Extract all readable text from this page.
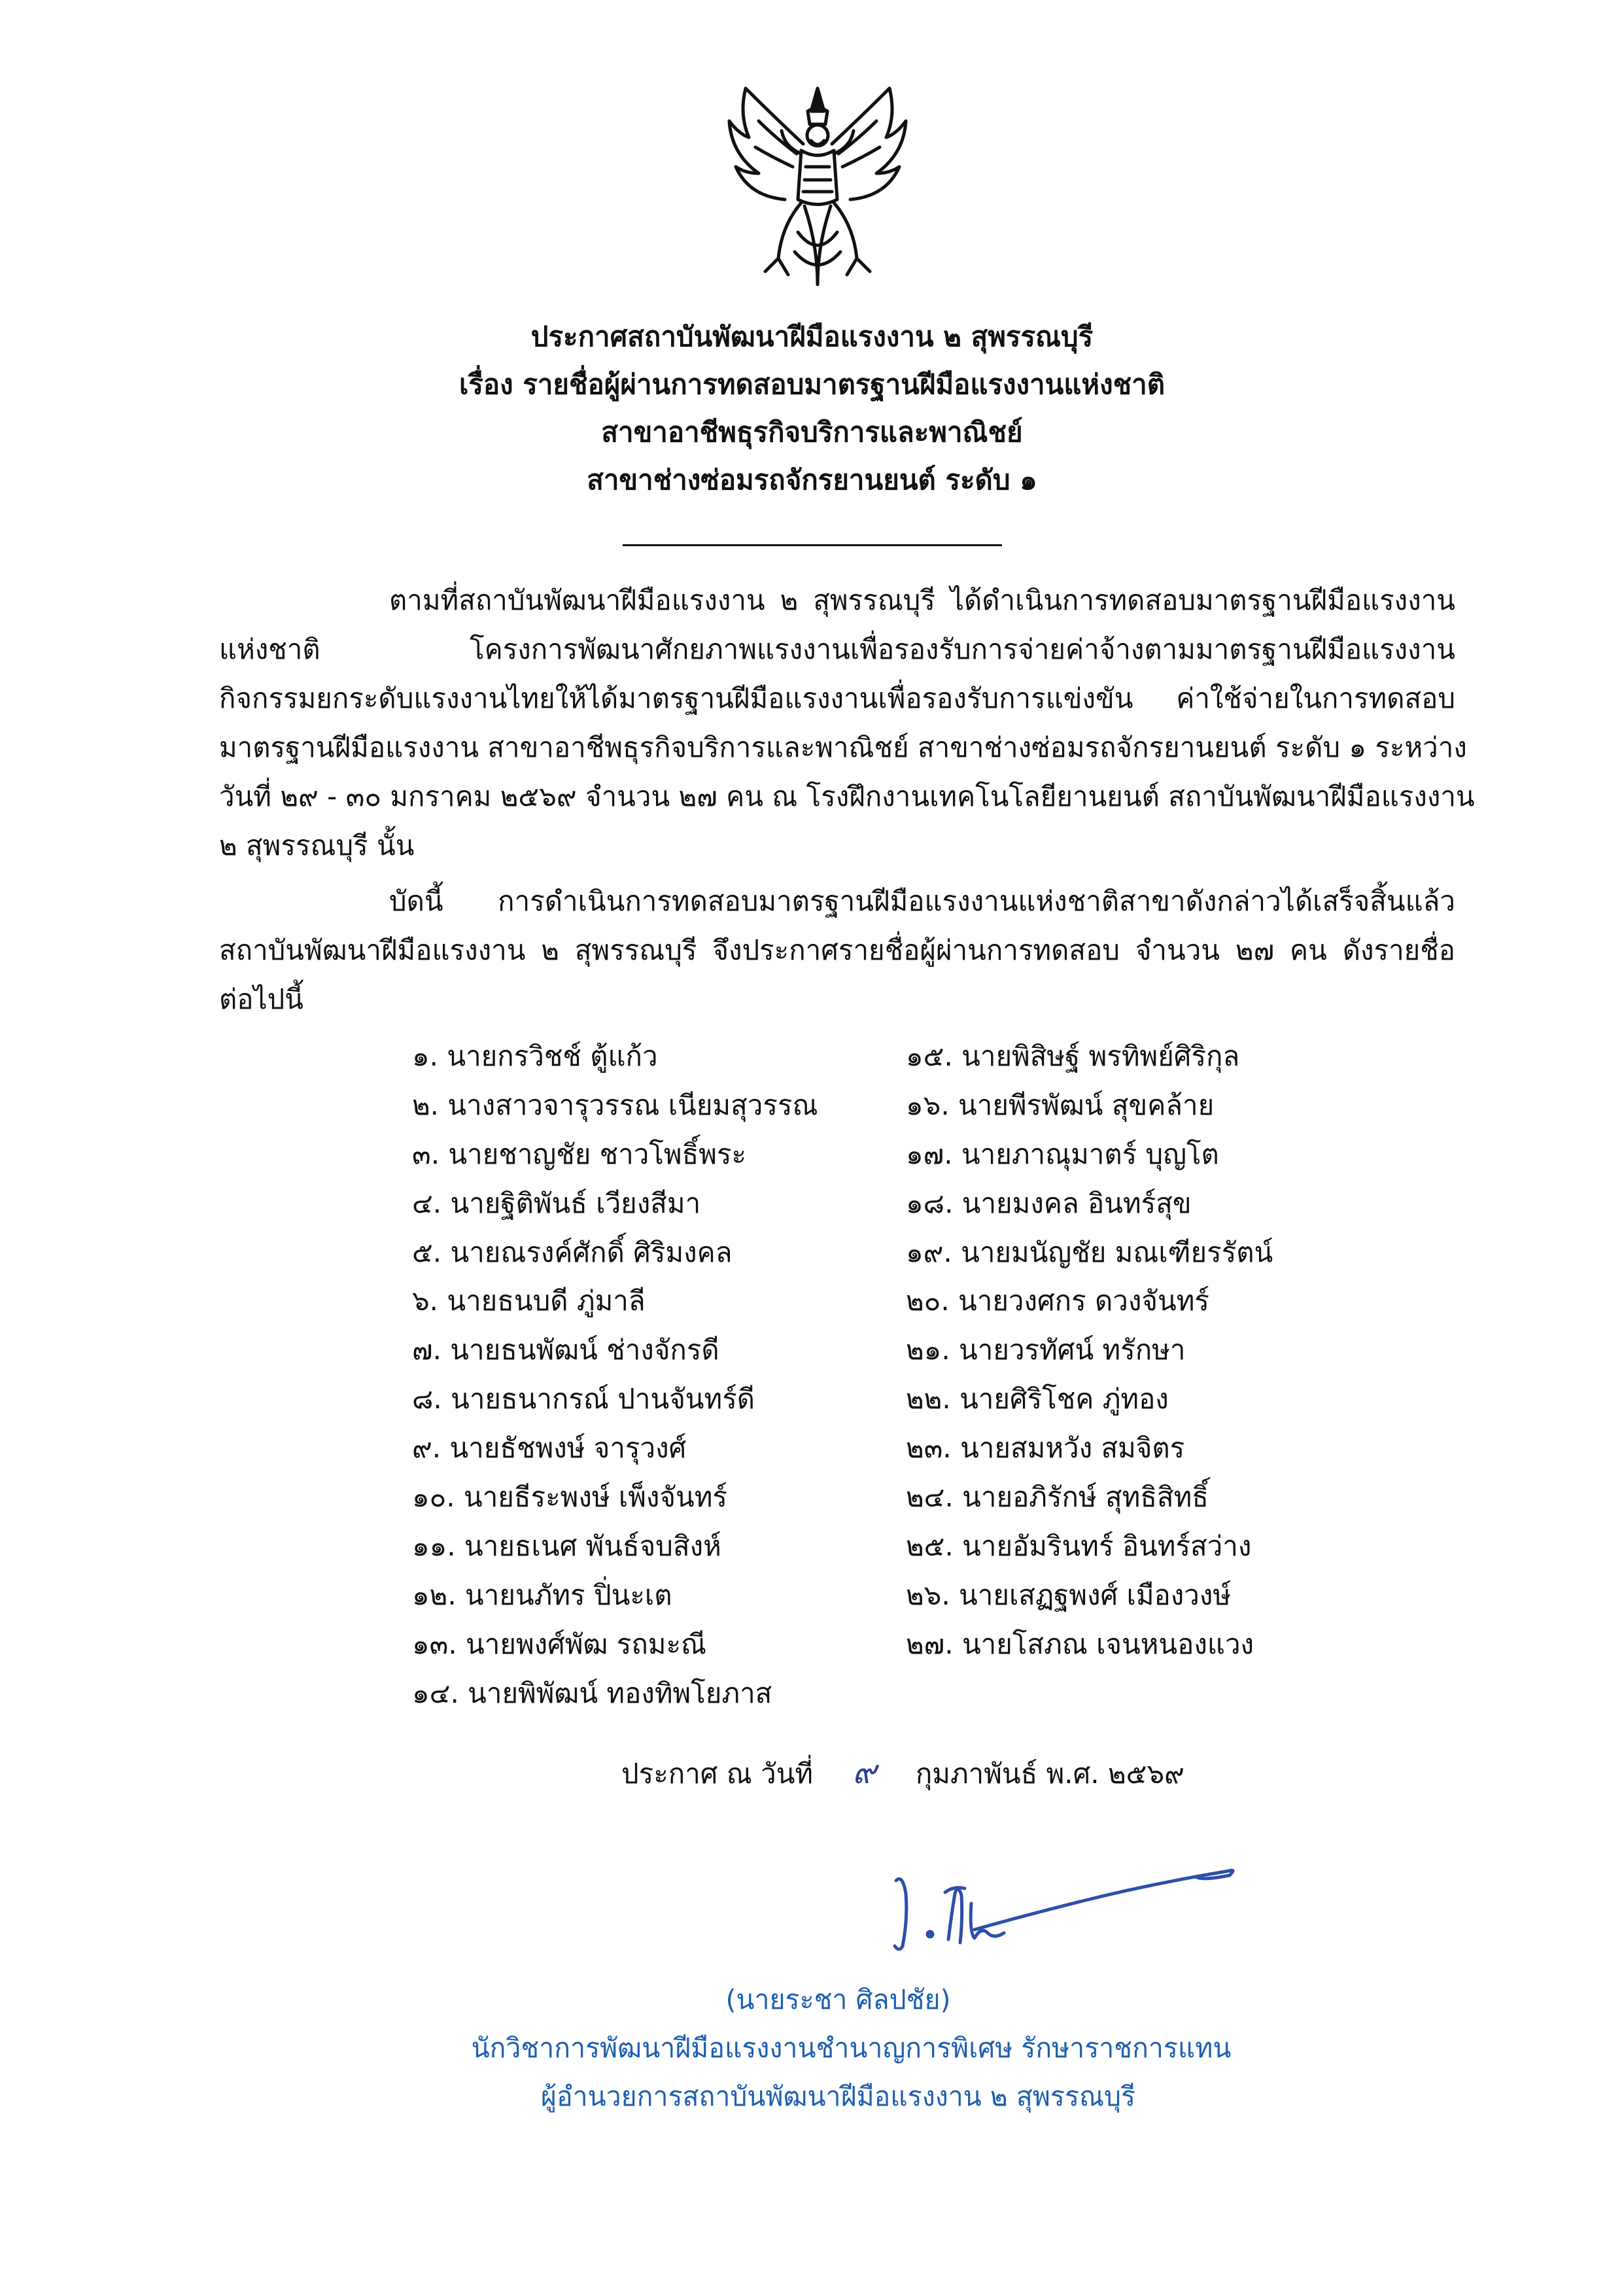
ประกาศสถาบันพัฒนาฝีมือแรงงาน ๒ สุพรรณบุรี
เรื่อง รายชื่อผู้ผ่านการทดสอบมาตรฐานฝีมือแรงงานแห่งชาติ
สาขาอาชีพธุรกิจบริการและพาณิชย์
สาขาช่างซ่อมรถจักรยานยนต์ ระดับ ๑
ตามที่สถาบันพัฒนาฝีมือแรงงาน ๒ สุพรรณบุรี ได้ดำเนินการทดสอบมาตรฐานฝีมือแรงงาน
แห่งชาติ โครงการพัฒนาศักยภาพแรงงานเพื่อรองรับการจ่ายค่าจ้างตามมาตรฐานฝีมือแรงงาน
กิจกรรมยกระดับแรงงานไทยให้ได้มาตรฐานฝีมือแรงงานเพื่อรองรับการแข่งขัน ค่าใช้จ่ายในการทดสอบ
มาตรฐานฝีมือแรงงาน สาขาอาชีพธุรกิจบริการและพาณิชย์ สาขาช่างซ่อมรถจักรยานยนต์ ระดับ ๑ ระหว่าง
วันที่ ๒๙ - ๓๐ มกราคม ๒๕๖๙ จำนวน ๒๗ คน ณ โรงฝึกงานเทคโนโลยียานยนต์ สถาบันพัฒนาฝีมือแรงงาน
๒ สุพรรณบุรี นั้น
บัดนี้ การดำเนินการทดสอบมาตรฐานฝีมือแรงงานแห่งชาติสาขาดังกล่าวได้เสร็จสิ้นแล้ว
สถาบันพัฒนาฝีมือแรงงาน ๒ สุพรรณบุรี จึงประกาศรายชื่อผู้ผ่านการทดสอบ จำนวน ๒๗ คน ดังรายชื่อ
ต่อไปนี้
๑. นายกรวิชช์ ตู้แก้ว
๒. นางสาวจารุวรรณ เนียมสุวรรณ
๓. นายชาญชัย ชาวโพธิ์พระ
๔. นายฐิติพันธ์ เวียงสีมา
๕. นายณรงค์ศักดิ์ ศิริมงคล
๖. นายธนบดี ภู่มาลี
๗. นายธนพัฒน์ ช่างจักรดี
๘. นายธนากรณ์ ปานจันทร์ดี
๙. นายธัชพงษ์ จารุวงศ์
๑๐. นายธีระพงษ์ เพ็งจันทร์
๑๑. นายธเนศ พันธ์จบสิงห์
๑๒. นายนภัทร ปิ่นะเต
๑๓. นายพงศ์พัฒ รถมะณี
๑๔. นายพิพัฒน์ ทองทิพโยภาส
๑๕. นายพิสิษฐ์ พรทิพย์ศิริกุล
๑๖. นายพีรพัฒน์ สุขคล้าย
๑๗. นายภาณุมาตร์ บุญโต
๑๘. นายมงคล อินทร์สุข
๑๙. นายมนัญชัย มณเฑียรรัตน์
๒๐. นายวงศกร ดวงจันทร์
๒๑. นายวรทัศน์ ทรักษา
๒๒. นายศิริโชค ภู่ทอง
๒๓. นายสมหวัง สมจิตร
๒๔. นายอภิรักษ์ สุทธิสิทธิ์
๒๕. นายอัมรินทร์ อินทร์สว่าง
๒๖. นายเสฏฐพงศ์ เมืองวงษ์
๒๗. นายโสภณ เจนหนองแวง
ประกาศ ณ วันที่ ๙ กุมภาพันธ์ พ.ศ. ๒๕๖๙
(นายระชา ศิลปชัย)
นักวิชาการพัฒนาฝีมือแรงงานชำนาญการพิเศษ รักษาราชการแทน
ผู้อำนวยการสถาบันพัฒนาฝีมือแรงงาน ๒ สุพรรณบุรี
